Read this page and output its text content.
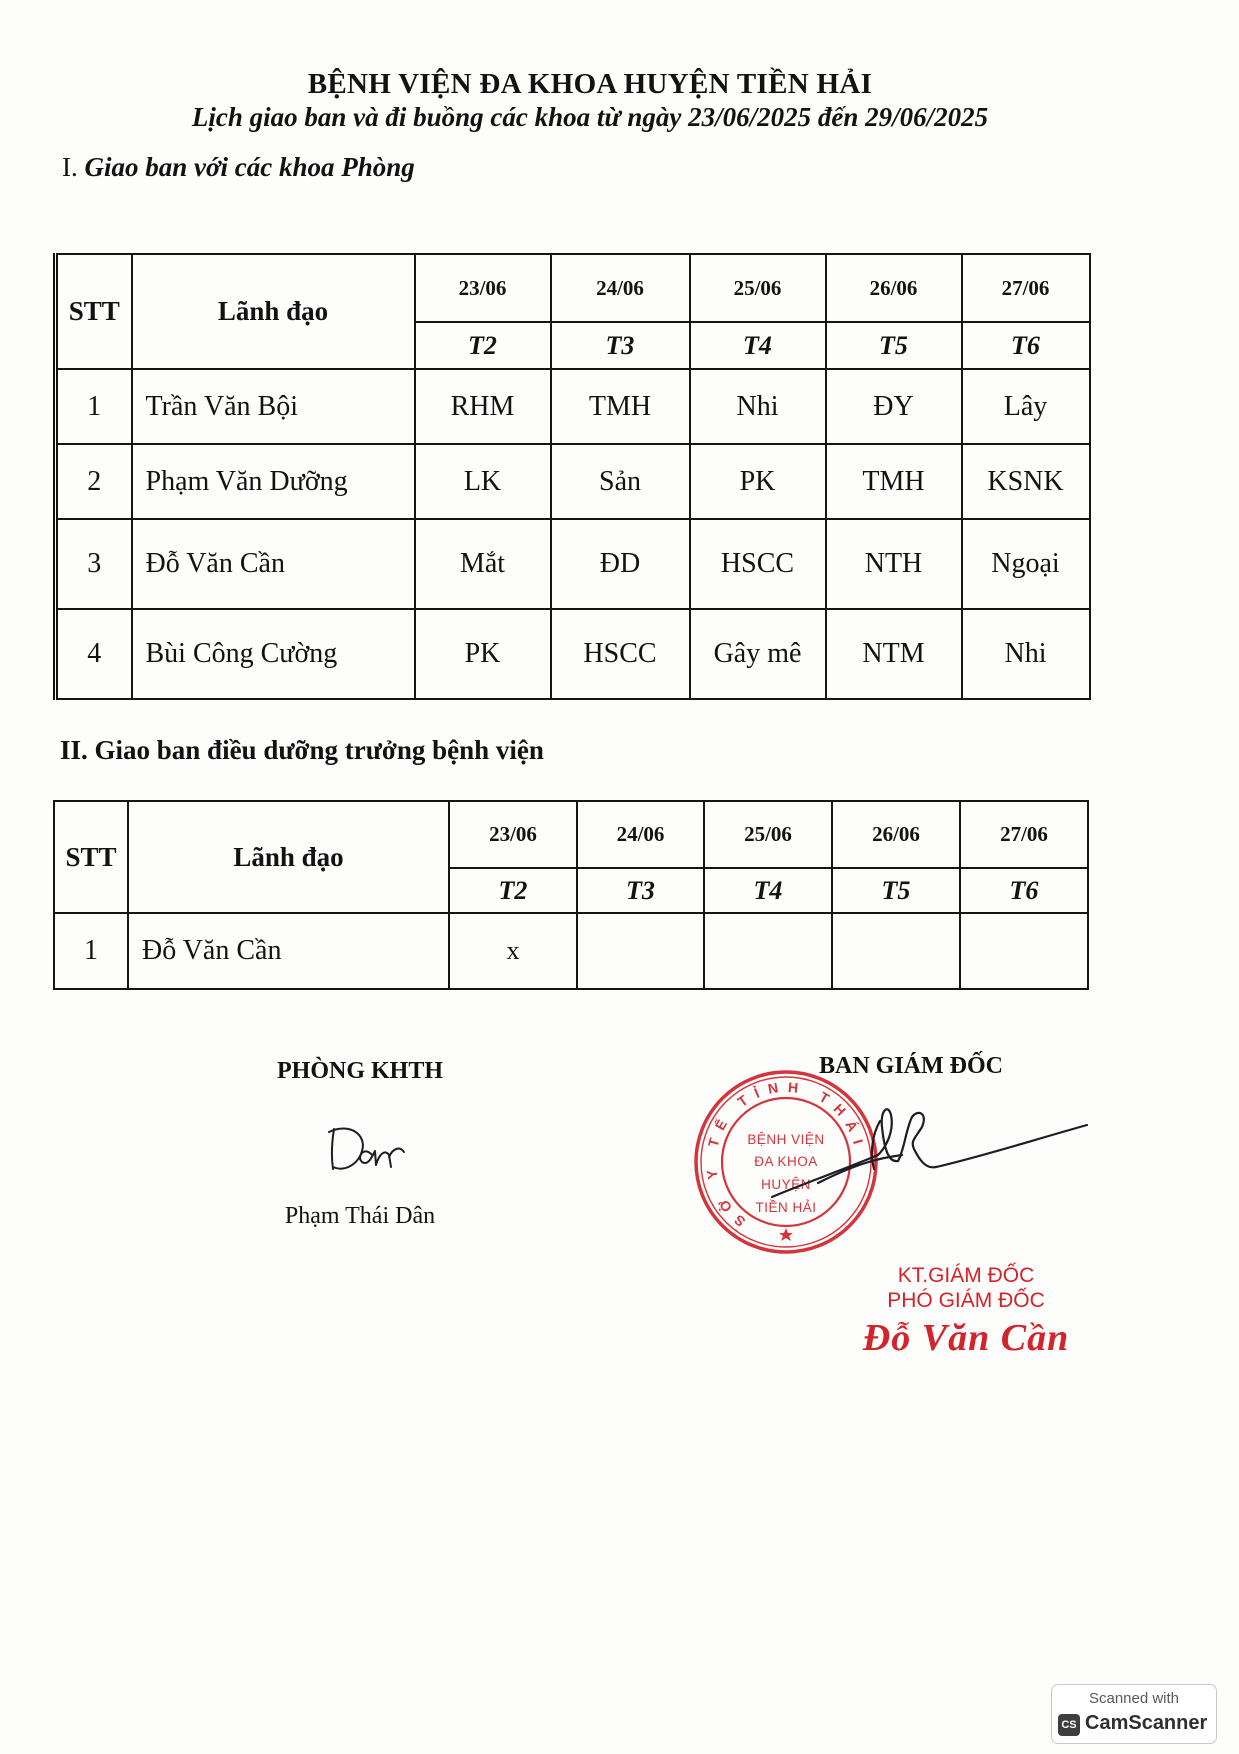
BỆNH VIỆN ĐA KHOA HUYỆN TIỀN HẢI
Lịch giao ban và đi buồng các khoa từ ngày 23/06/2025 đến 29/06/2025
I. Giao ban với các khoa Phòng
STT	Lãnh đạo	23/06	24/06	25/06	26/06	27/06
		T2	T3	T4	T5	T6
1	Trần Văn Bội	RHM	TMH	Nhi	ĐY	Lây
2	Phạm Văn Dưỡng	LK	Sản	PK	TMH	KSNK
3	Đỗ Văn Cần	Mắt	ĐD	HSCC	NTH	Ngoại
4	Bùi Công Cường	PK	HSCC	Gây mê	NTM	Nhi
II. Giao ban điều dưỡng trưởng bệnh viện
STT	Lãnh đạo	23/06	24/06	25/06	26/06	27/06
		T2	T3	T4	T5	T6
1	Đỗ Văn Cần	x				
PHÒNG KHTH
Phạm Thái Dân	SỞ Y TẾ TỈNH THÁI
BỆNH VIỆN
ĐA KHOA
HUYỆN
TIỀN HẢI
BAN GIÁM ĐỐC
KT.GIÁM ĐỐC
PHÓ GIÁM ĐỐC
Đỗ Văn Cần
Scanned with
CS CamScanner
